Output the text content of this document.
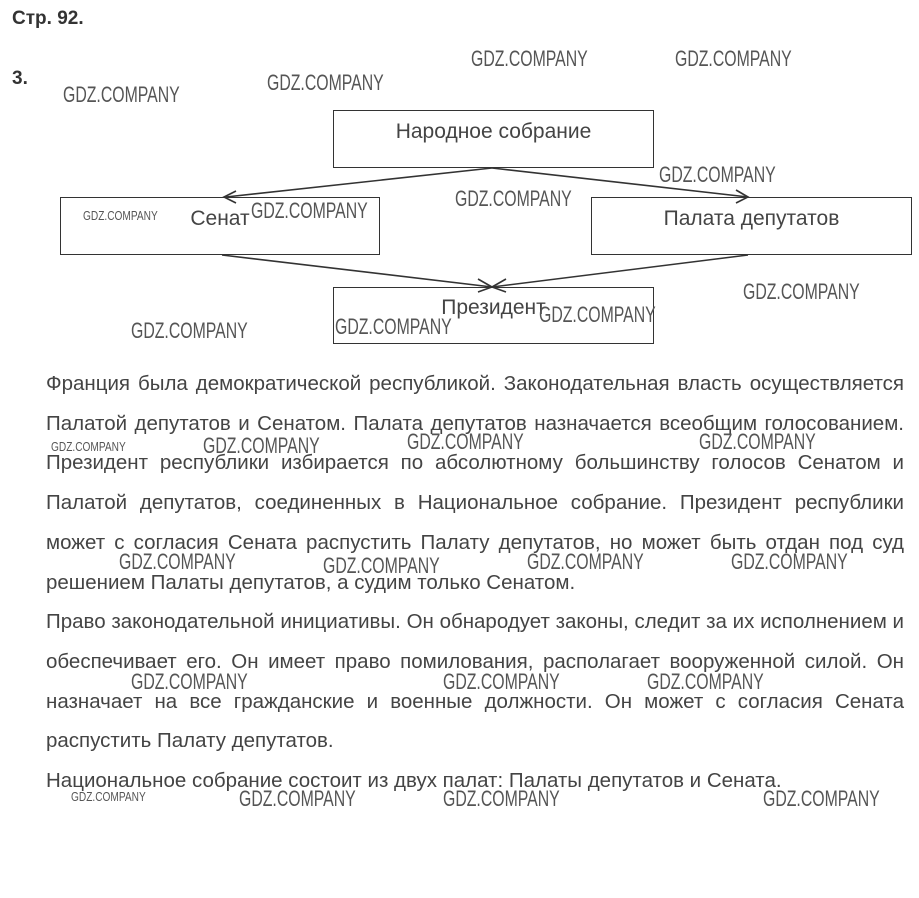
Стр. 92.
3.
Народное собрание
Сенат	Палата депутатов
Президент

Франция была демократической республикой. Законодательная власть осуществляется Палатой депутатов и Сенатом. Палата депутатов назначается всеобщим голосованием. Президент республики избирается по абсолютному большинству голосов Сенатом и Палатой депутатов, соединенных в Национальное собрание. Президент республики может с согласия Сената распустить Палату депутатов, но может быть отдан под суд решением Палаты депутатов, а судим только Сенатом.

Право законодательной инициативы. Он обнародует законы, следит за их исполнением и обеспечивает его. Он имеет право помилования, располагает вооруженной силой. Он назначает на все гражданские и военные должности. Он может с согласия Сената распустить Палату депутатов.

Национальное собрание состоит из двух палат: Палаты депутатов и Сената.

GDZ.COMPANY	GDZ.COMPANY
GDZ.COMPANY	GDZ.COMPANY
GDZ.COMPANY
GDZ.COMPANY
GDZ.COMPANY	GDZ.COMPANY
GDZ.COMPANY
GDZ.COMPANY	GDZ.COMPANY	GDZ.COMPANY
GDZ.COMPANY	GDZ.COMPANY	GDZ.COMPANY	GDZ.COMPANY
GDZ.COMPANY	GDZ.COMPANY	GDZ.COMPANY	GDZ.COMPANY
GDZ.COMPANY	GDZ.COMPANY	GDZ.COMPANY
GDZ.COMPANY	GDZ.COMPANY	GDZ.COMPANY	GDZ.COMPANY
